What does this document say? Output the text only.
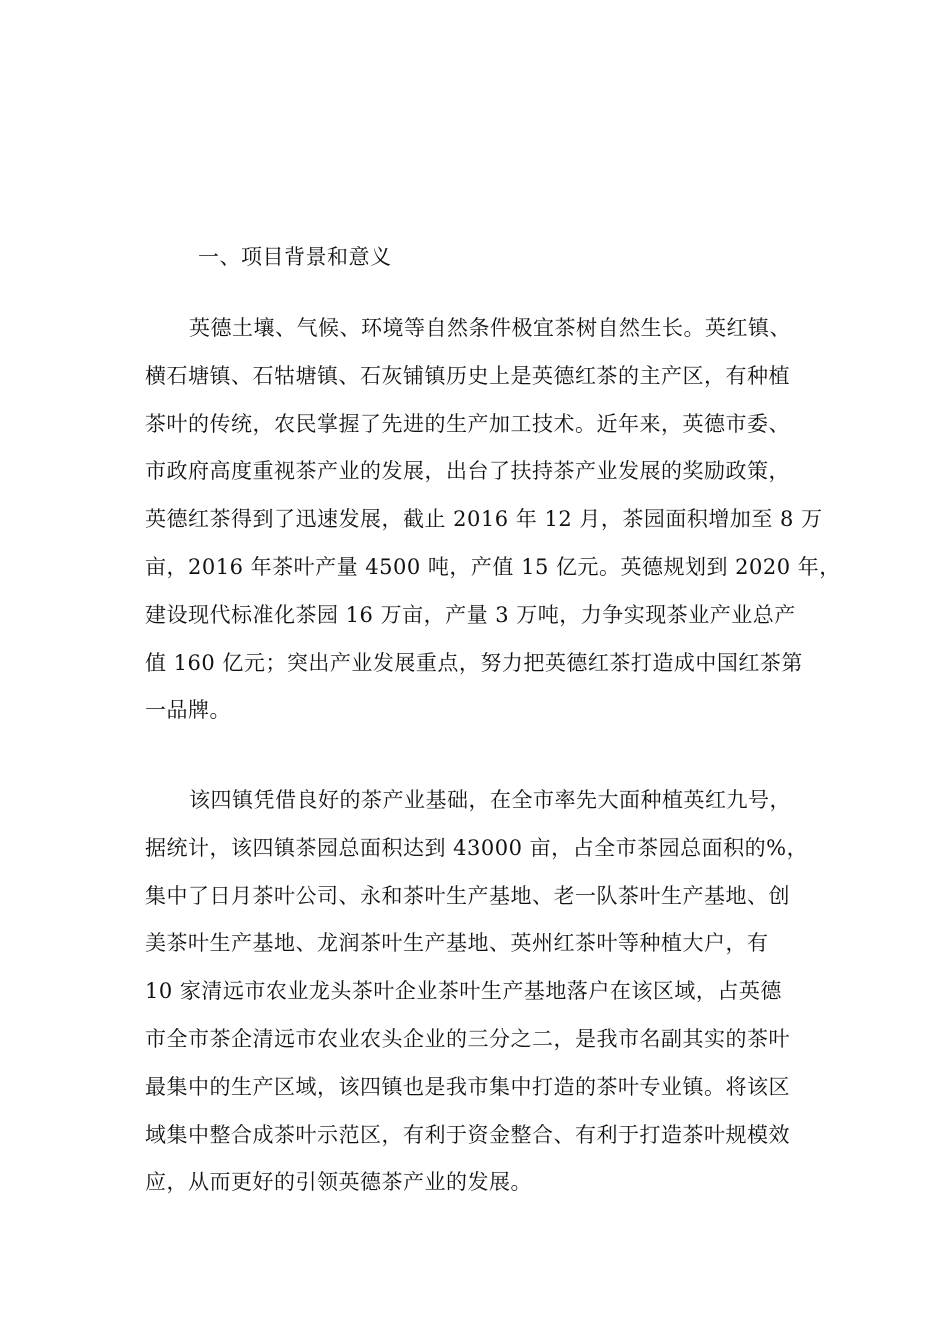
一、项目背景和意义
英德土壤、气候、环境等自然条件极宜茶树自然生长。英红镇、
横石塘镇、石牯塘镇、石灰铺镇历史上是英德红茶的主产区，有种植
茶叶的传统，农民掌握了先进的生产加工技术。近年来，英德市委、
市政府高度重视茶产业的发展，出台了扶持茶产业发展的奖励政策，
英德红茶得到了迅速发展，截止 2016 年 12 月，茶园面积增加至 8 万
亩，2016 年茶叶产量 4500 吨，产值 15 亿元。英德规划到 2020 年，
建设现代标准化茶园 16 万亩，产量 3 万吨，力争实现茶业产业总产
值 160 亿元；突出产业发展重点，努力把英德红茶打造成中国红茶第
一品牌。
该四镇凭借良好的茶产业基础，在全市率先大面种植英红九号，
据统计，该四镇茶园总面积达到 43000 亩，占全市茶园总面积的%，
集中了日月茶叶公司、永和茶叶生产基地、老一队茶叶生产基地、创
美茶叶生产基地、龙润茶叶生产基地、英州红茶叶等种植大户，有
10 家清远市农业龙头茶叶企业茶叶生产基地落户在该区域，占英德
市全市茶企清远市农业农头企业的三分之二，是我市名副其实的茶叶
最集中的生产区域，该四镇也是我市集中打造的茶叶专业镇。将该区
域集中整合成茶叶示范区，有利于资金整合、有利于打造茶叶规模效
应，从而更好的引领英德茶产业的发展。
